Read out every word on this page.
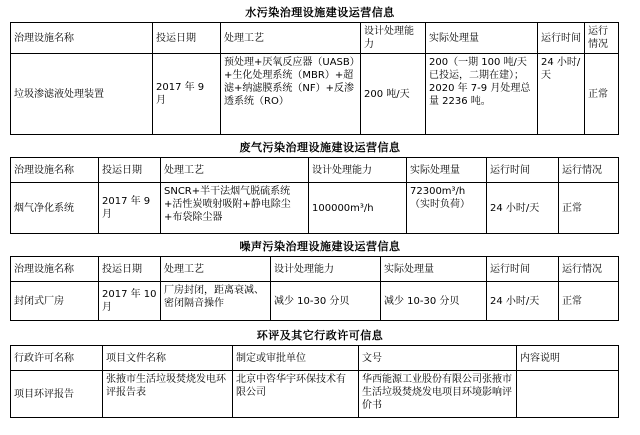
水污染治理设施建设运营信息
治理设施名称	投运日期	处理工艺	设计处理能力	实际处理量	运行时间	运行情况
垃圾渗滤液处理装置	2017 年 9 月	预处理+厌氧反应器（UASB）+生化处理系统（MBR）+超滤+纳滤膜系统（NF）+反渗透系统（RO）	200 吨/天	200（一期 100 吨/天已投运，二期在建）；2020 年 7-9 月处理总量 2236 吨。	24 小时/天	正常
废气污染治理设施建设运营信息
治理设施名称	投运日期	处理工艺	设计处理能力	实际处理量	运行时间	运行情况
烟气净化系统	2017 年 9 月	SNCR+半干法烟气脱硫系统+活性炭喷射吸附+静电除尘+布袋除尘器	100000m³/h	72300m³/h（实时负荷）	24 小时/天	正常
噪声污染治理设施建设运营信息
治理设施名称	投运日期	处理工艺	设计处理能力	实际处理量	运行时间	运行情况
封闭式厂房	2017 年 10 月	厂房封闭，距离衰减、密闭隔音操作	减少 10-30 分贝	减少 10-30 分贝	24 小时/天	正常
环评及其它行政许可信息
行政许可名称	项目文件名称	制定或审批单位	文号	内容说明
项目环评报告	张掖市生活垃圾焚烧发电环评报告表	北京中咨华宇环保技术有限公司	华西能源工业股份有限公司张掖市生活垃圾焚烧发电项目环境影响评价书	
